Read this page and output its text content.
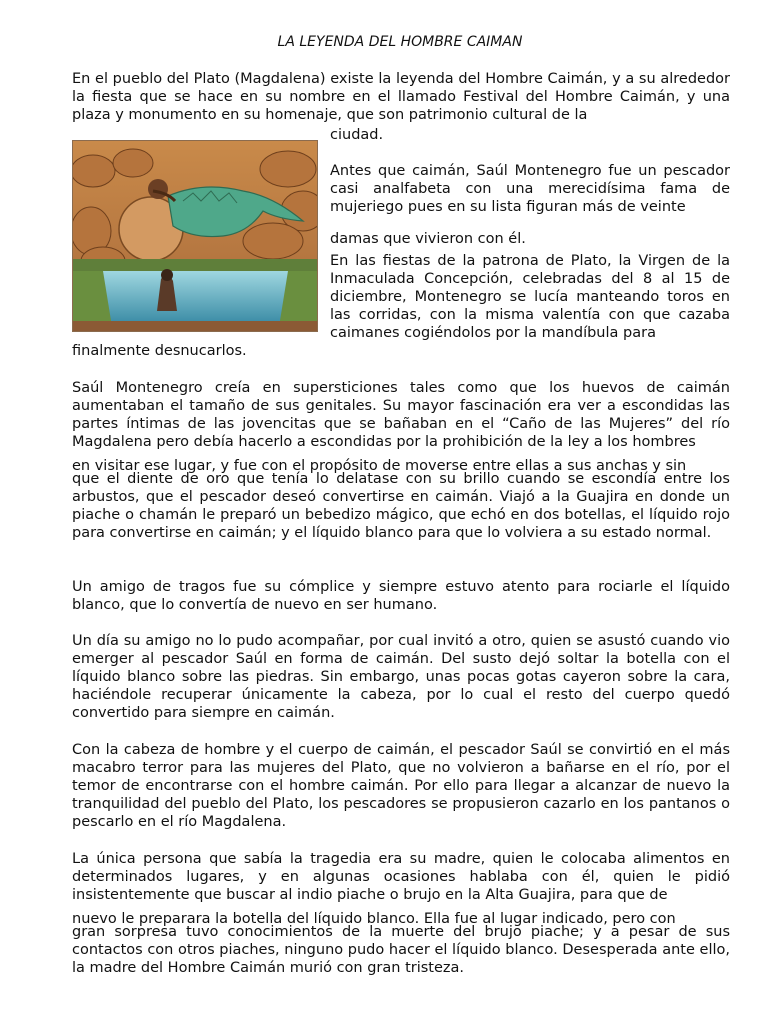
LA LEYENDA DEL HOMBRE CAIMAN

En el pueblo del Plato (Magdalena) existe la leyenda del Hombre Caimán, y a su alrededor la fiesta que se hace en su nombre en el llamado Festival del Hombre Caimán, y una plaza y monumento en su homenaje, que son patrimonio cultural de la

ciudad.

Antes que caimán, Saúl Montenegro fue un pescador casi analfabeta con una merecidísima fama de mujeriego pues en su lista figuran más de veinte

damas que vivieron con él.

En las fiestas de la patrona de Plato, la Virgen de la Inmaculada Concepción, celebradas del 8 al 15 de diciembre, Montenegro se lucía manteando toros en las corridas, con la misma valentía con que cazaba caimanes cogiéndolos por la mandíbula para

finalmente desnucarlos.

Saúl Montenegro creía en supersticiones tales como que los huevos de caimán aumentaban el tamaño de sus genitales. Su mayor fascinación era ver a escondidas las partes íntimas de las jovencitas que se bañaban en el “Caño de las Mujeres” del río Magdalena pero debía hacerlo a escondidas por la prohibición de la ley a los hombres

en visitar ese lugar, y fue con el propósito de moverse entre ellas a sus anchas y sin

que el diente de oro que tenía lo delatase con su brillo cuando se escondía entre los arbustos, que el pescador deseó convertirse en caimán. Viajó a la Guajira en donde un piache o chamán le preparó un bebedizo mágico, que echó en dos botellas, el líquido rojo para convertirse en caimán; y el líquido blanco para que lo volviera a su estado normal.

Un amigo de tragos fue su cómplice y siempre estuvo atento para rociarle el líquido blanco, que lo convertía de nuevo en ser humano.

Un día su amigo no lo pudo acompañar, por cual invitó a otro, quien se asustó cuando vio emerger al pescador Saúl en forma de caimán. Del susto dejó soltar la botella con el líquido blanco sobre las piedras. Sin embargo, unas pocas gotas cayeron sobre la cara, haciéndole recuperar únicamente la cabeza, por lo cual el resto del cuerpo quedó convertido para siempre en caimán.

Con la cabeza de hombre y el cuerpo de caimán, el pescador Saúl se convirtió en el más macabro terror para las mujeres del Plato, que no volvieron a bañarse en el río, por el temor de encontrarse con el hombre caimán. Por ello para llegar a alcanzar de nuevo la tranquilidad del pueblo del Plato, los pescadores se propusieron cazarlo en los pantanos o pescarlo en el río Magdalena.

La única persona que sabía la tragedia era su madre, quien le colocaba alimentos en determinados lugares, y en algunas ocasiones hablaba con él, quien le pidió insistentemente que buscar al indio piache o brujo en la Alta Guajira, para que de

nuevo le preparara la botella del líquido blanco. Ella fue al lugar indicado, pero con

gran sorpresa tuvo conocimientos de la muerte del brujo piache; y a pesar de sus contactos con otros piaches, ninguno pudo hacer el líquido blanco. Desesperada ante ello, la madre del Hombre Caimán murió con gran tristeza.
